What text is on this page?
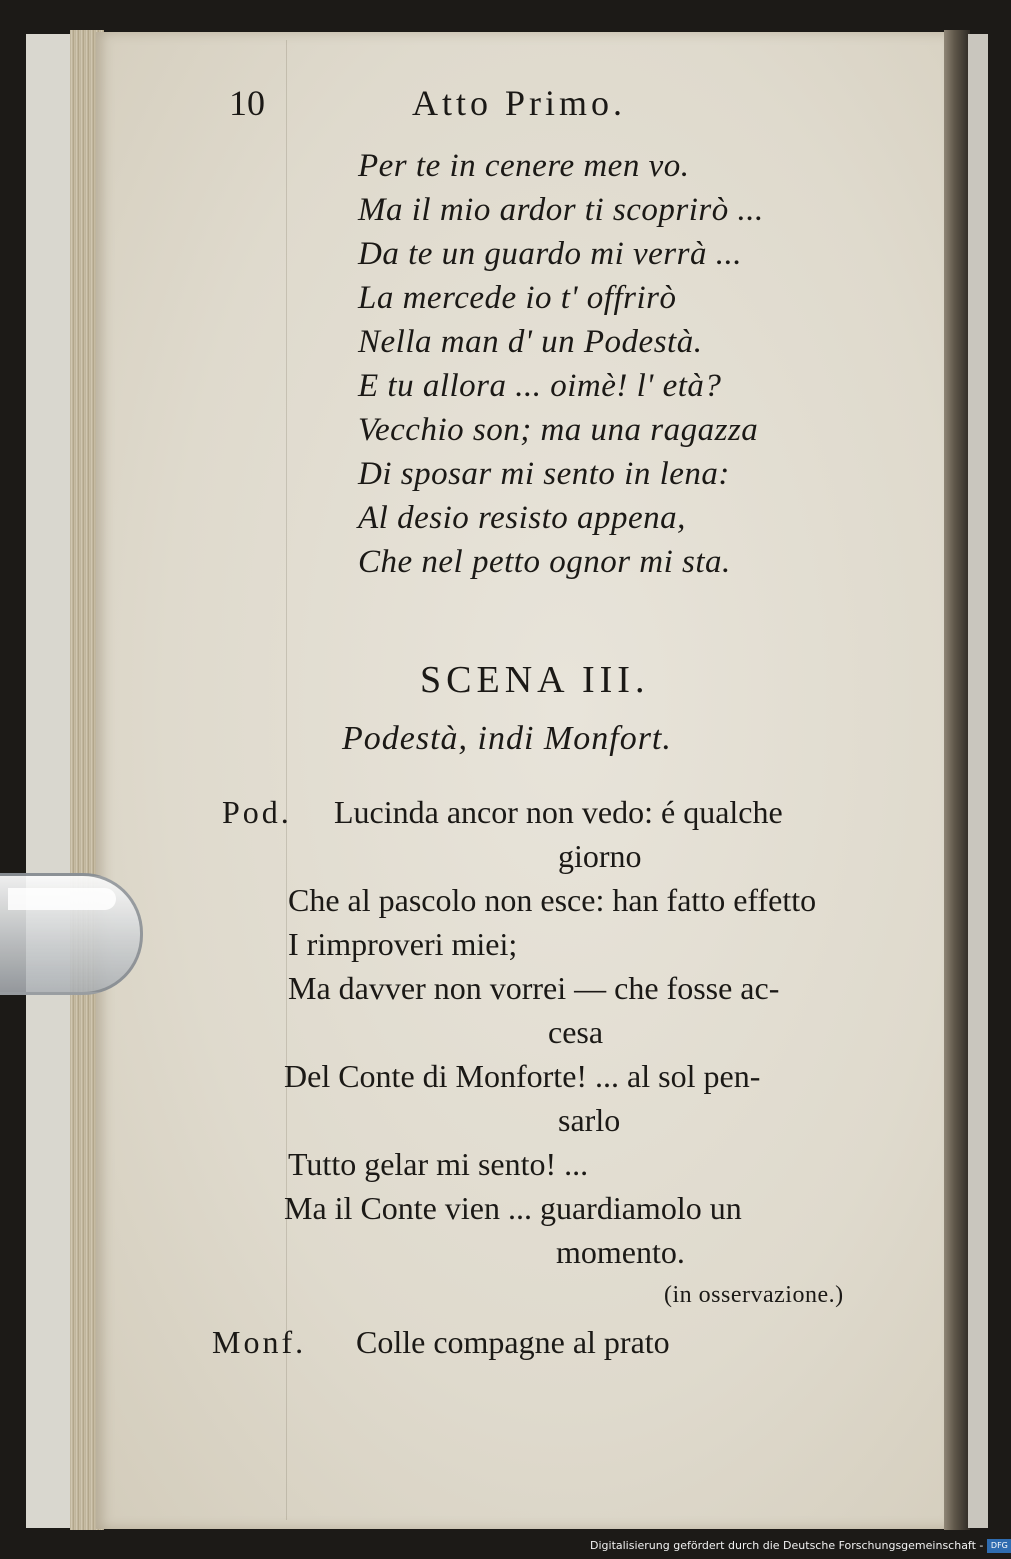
10	Atto Primo.
Per te in cenere men vo.
Ma il mio ardor ti scoprirò ...
Da te un guardo mi verrà ...
La mercede io t' offrirò
Nella man d' un Podestà.
E tu allora ... oimè! l' età?
Vecchio son; ma una ragazza
Di sposar mi sento in lena:
Al desio resisto appena,
Che nel petto ognor mi sta.
SCENA III.
Podestà, indi Monfort.
Pod. Lucinda ancor non vedo: é qualche
giorno
Che al pascolo non esce: han fatto effetto
I rimproveri miei;
Ma davver non vorrei — che fosse ac-
cesa
Del Conte di Monforte! ... al sol pen-
sarlo
Tutto gelar mi sento! ...
Ma il Conte vien ... guardiamolo un
momento.
(in osservazione.)
Monf. Colle compagne al prato
Digitalisierung gefördert durch die Deutsche Forschungsgemeinschaft - DFG
